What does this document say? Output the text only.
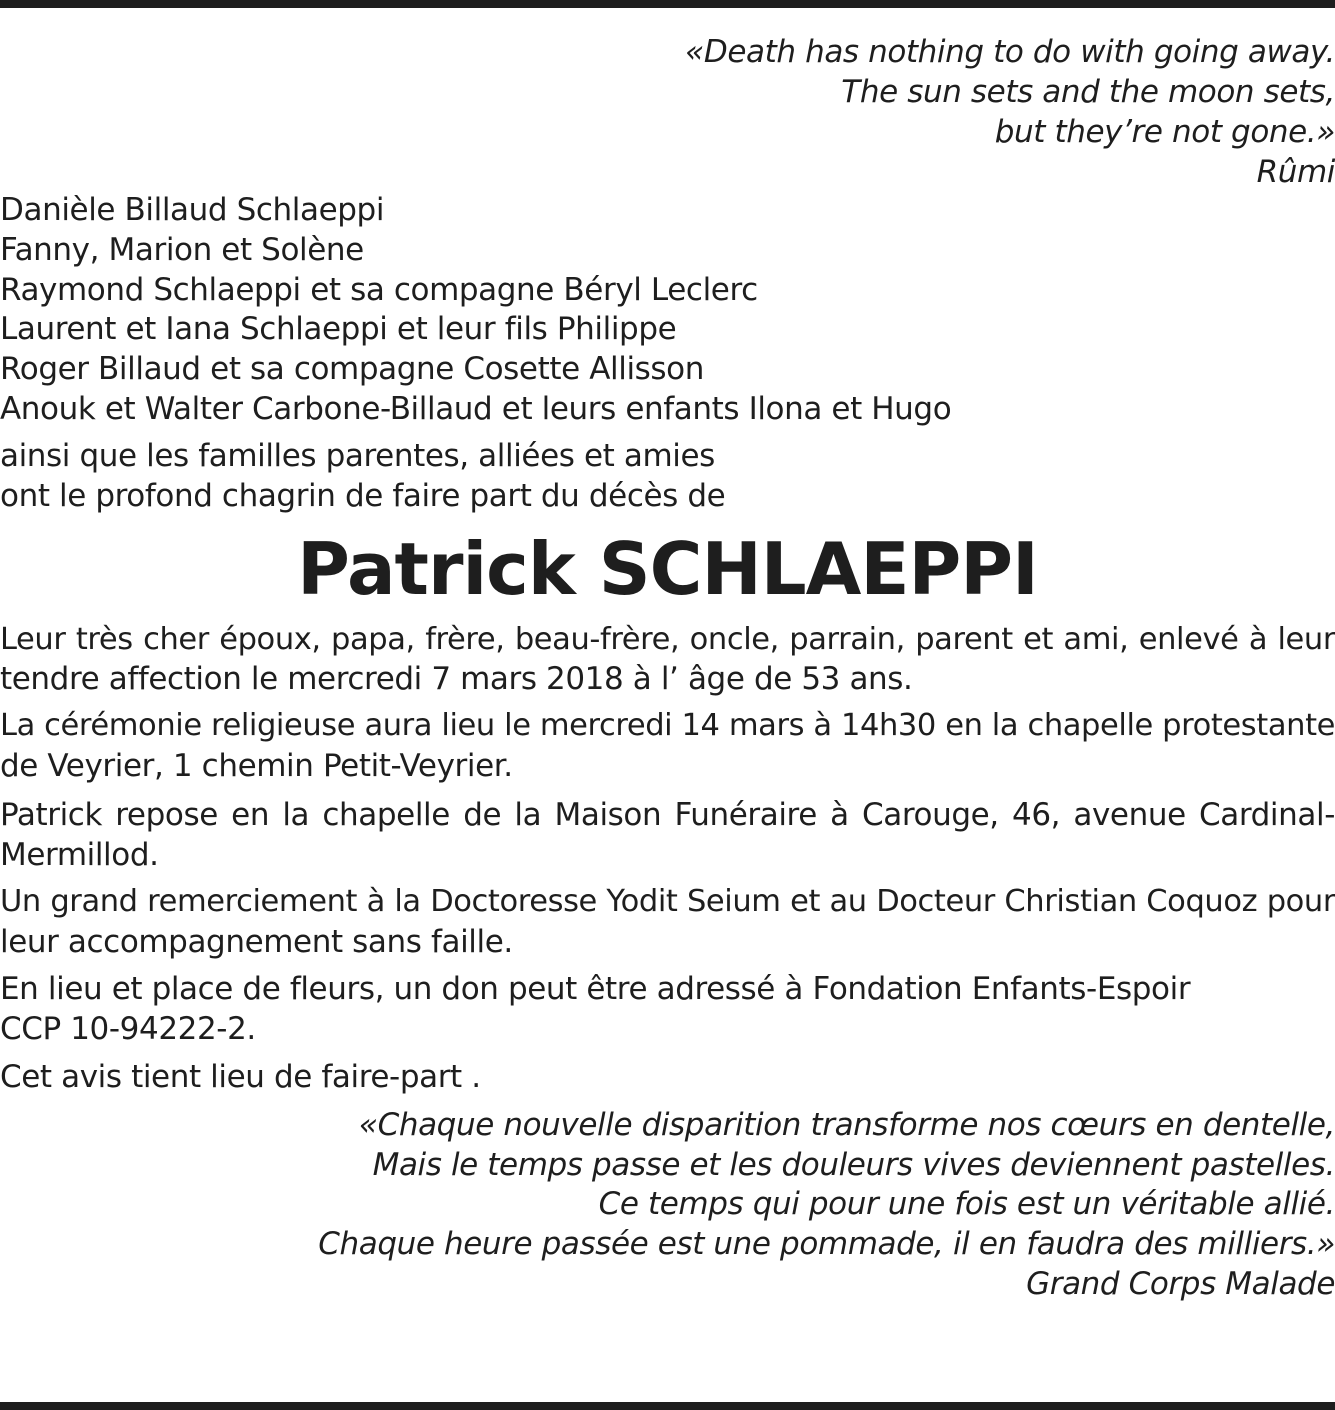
«Death has nothing to do with going away.
The sun sets and the moon sets,
but they’re not gone.»
Rûmi
Danièle Billaud Schlaeppi
Fanny, Marion et Solène
Raymond Schlaeppi et sa compagne Béryl Leclerc
Laurent et Iana Schlaeppi et leur fils Philippe
Roger Billaud et sa compagne Cosette Allisson
Anouk et Walter Carbone-Billaud et leurs enfants Ilona et Hugo
ainsi que les familles parentes, alliées et amies
ont le profond chagrin de faire part du décès de
Patrick SCHLAEPPI
Leur très cher époux, papa, frère, beau-frère, oncle, parrain, parent et ami, enlevé à leur
tendre affection le mercredi 7 mars 2018 à l’ âge de 53 ans.
La cérémonie religieuse aura lieu le mercredi 14 mars à 14h30 en la chapelle protestante
de Veyrier, 1 chemin Petit-Veyrier.
Patrick repose en la chapelle de la Maison Funéraire à Carouge, 46, avenue Cardinal-
Mermillod.
Un grand remerciement à la Doctoresse Yodit Seium et au Docteur Christian Coquoz pour
leur accompagnement sans faille.
En lieu et place de fleurs, un don peut être adressé à Fondation Enfants-Espoir
CCP 10-94222-2.
Cet avis tient lieu de faire-part .
«Chaque nouvelle disparition transforme nos cœurs en dentelle,
Mais le temps passe et les douleurs vives deviennent pastelles.
Ce temps qui pour une fois est un véritable allié.
Chaque heure passée est une pommade, il en faudra des milliers.»
Grand Corps Malade
